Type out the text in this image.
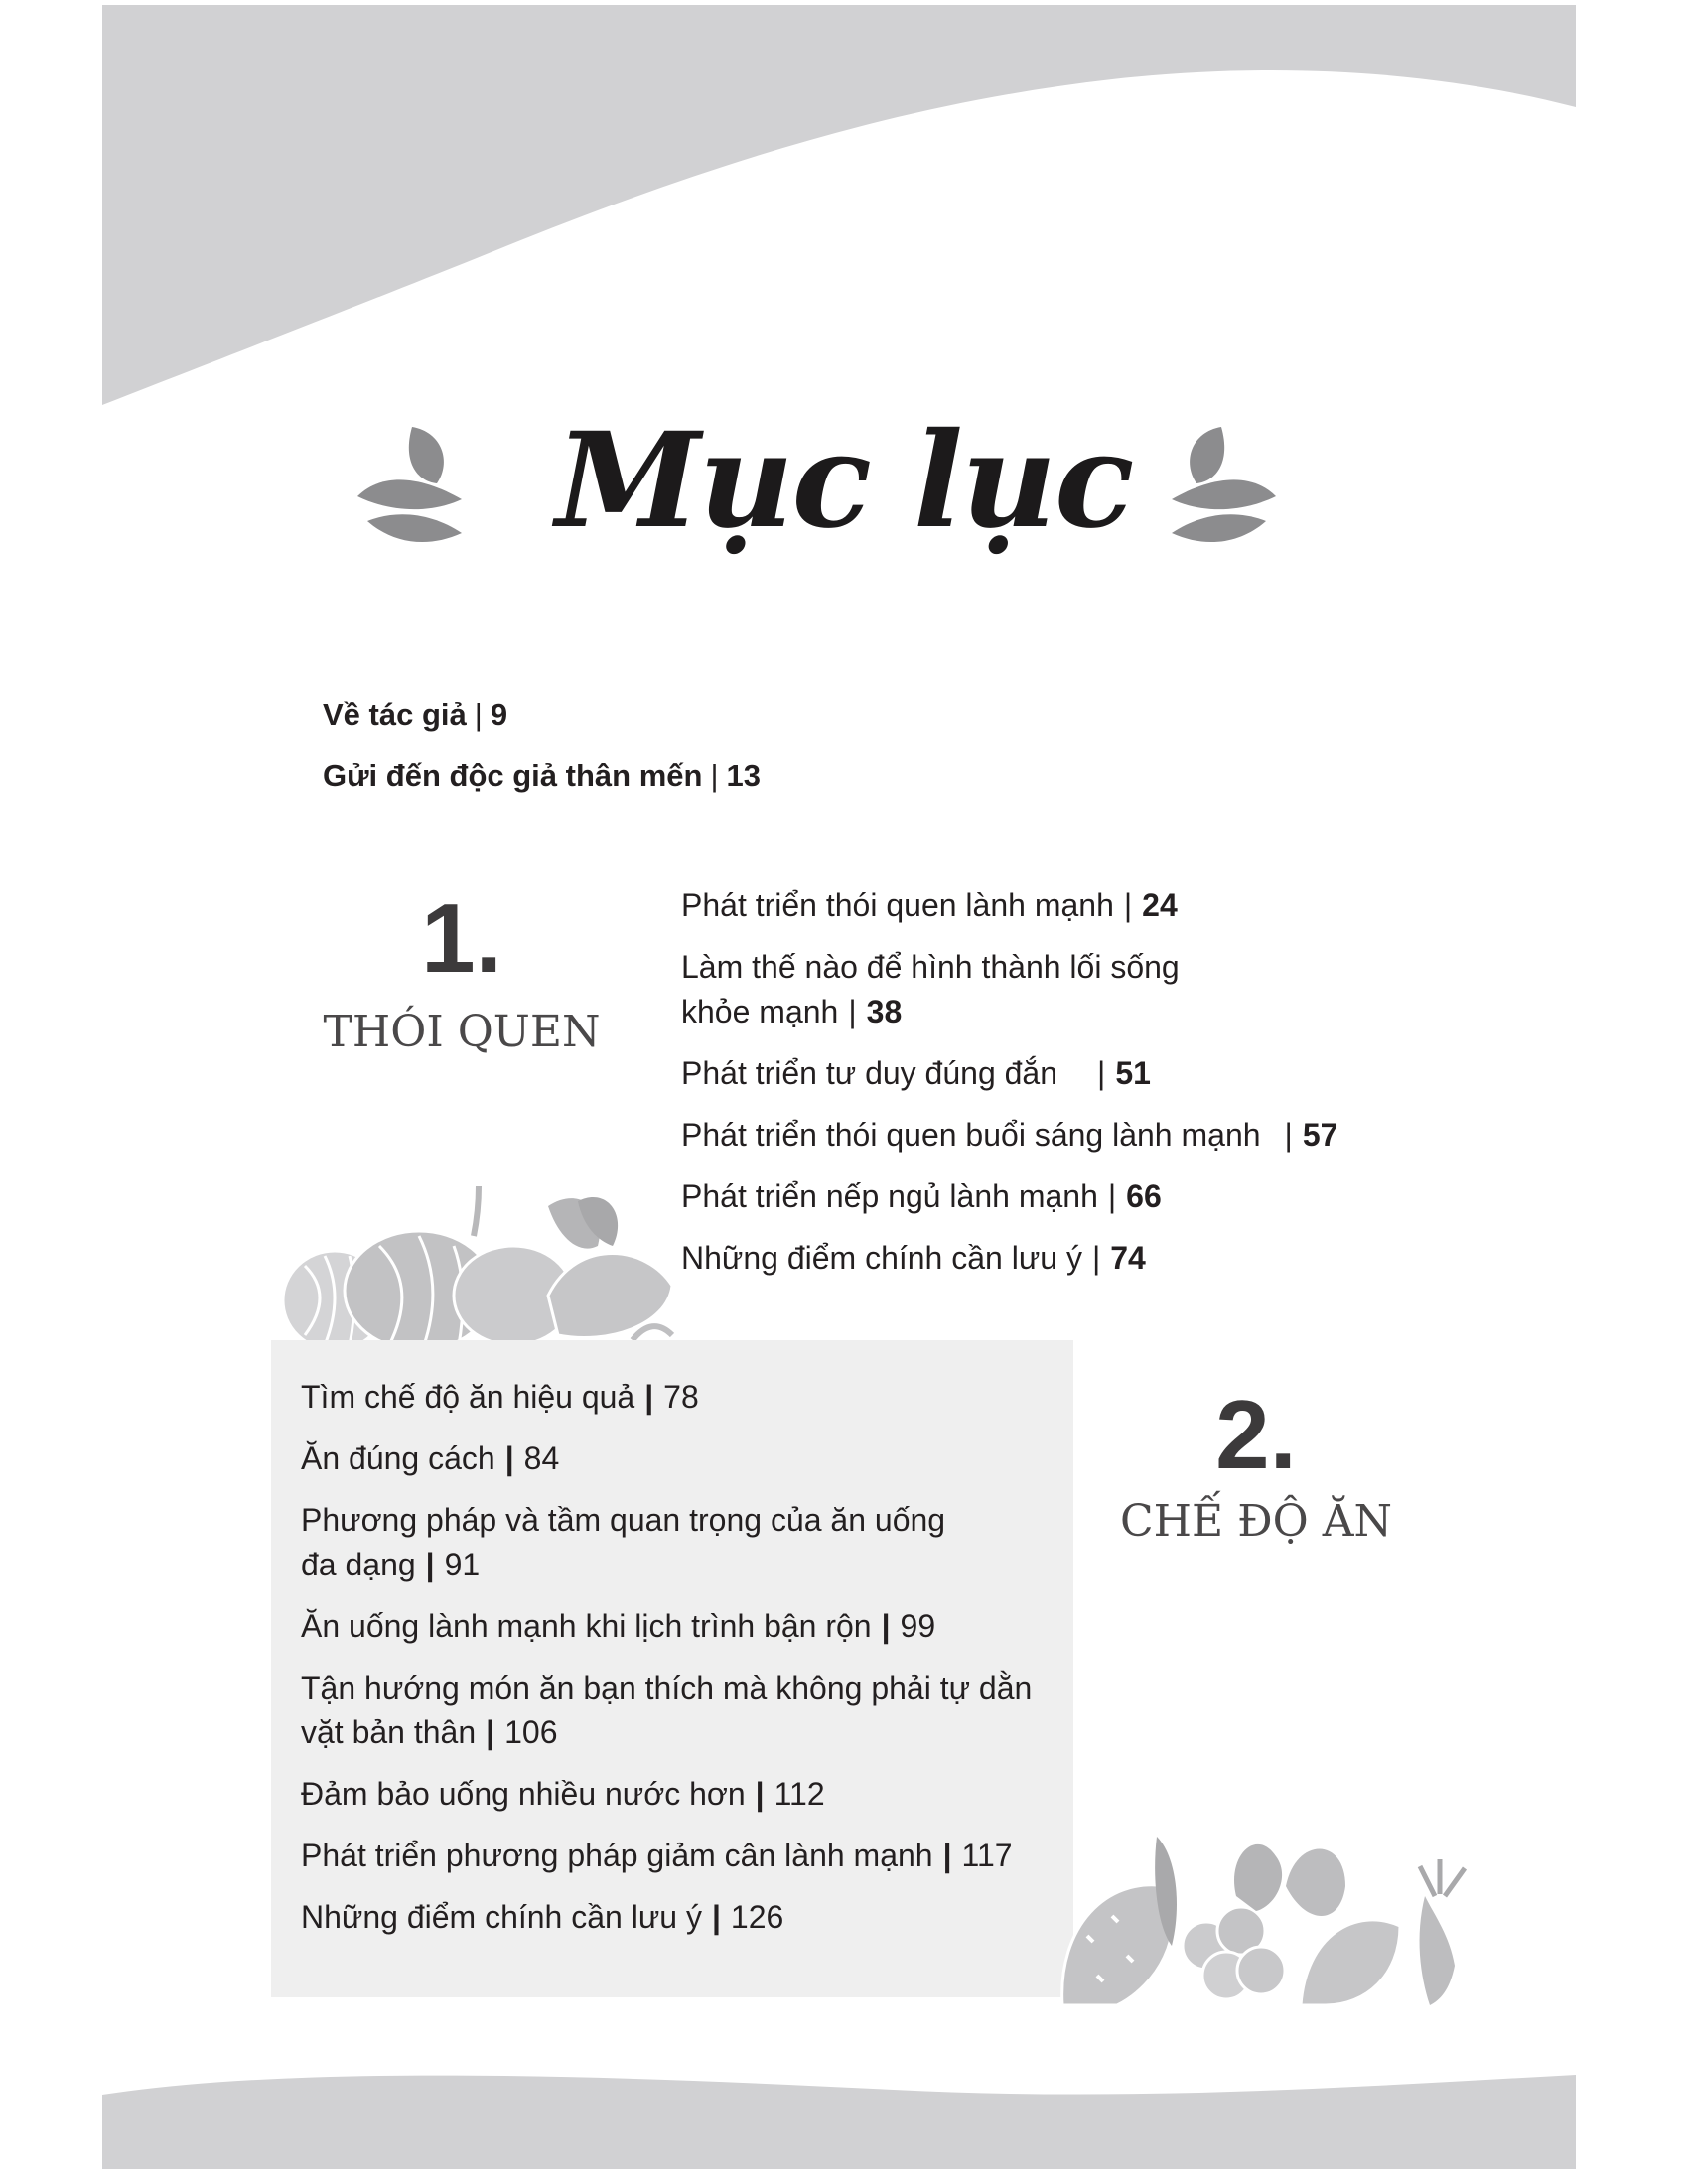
Mục lục
Về tác giả | 9
Gửi đến độc giả thân mến | 13
1.
THÓI QUEN
Phát triển thói quen lành mạnh | 24
Làm thế nào để hình thành lối sống
khỏe mạnh | 38
Phát triển tư duy đúng đắn | 51
Phát triển thói quen buổi sáng lành mạnh | 57
Phát triển nếp ngủ lành mạnh | 66
Những điểm chính cần lưu ý | 74
Tìm chế độ ăn hiệu quả | 78
Ăn đúng cách | 84
Phương pháp và tầm quan trọng của ăn uống
đa dạng | 91
Ăn uống lành mạnh khi lịch trình bận rộn | 99
Tận hướng món ăn bạn thích mà không phải tự dằn
vặt bản thân | 106
Đảm bảo uống nhiều nước hơn | 112
Phát triển phương pháp giảm cân lành mạnh | 117
Những điểm chính cần lưu ý | 126
2.
CHẾ ĐỘ ĂN
